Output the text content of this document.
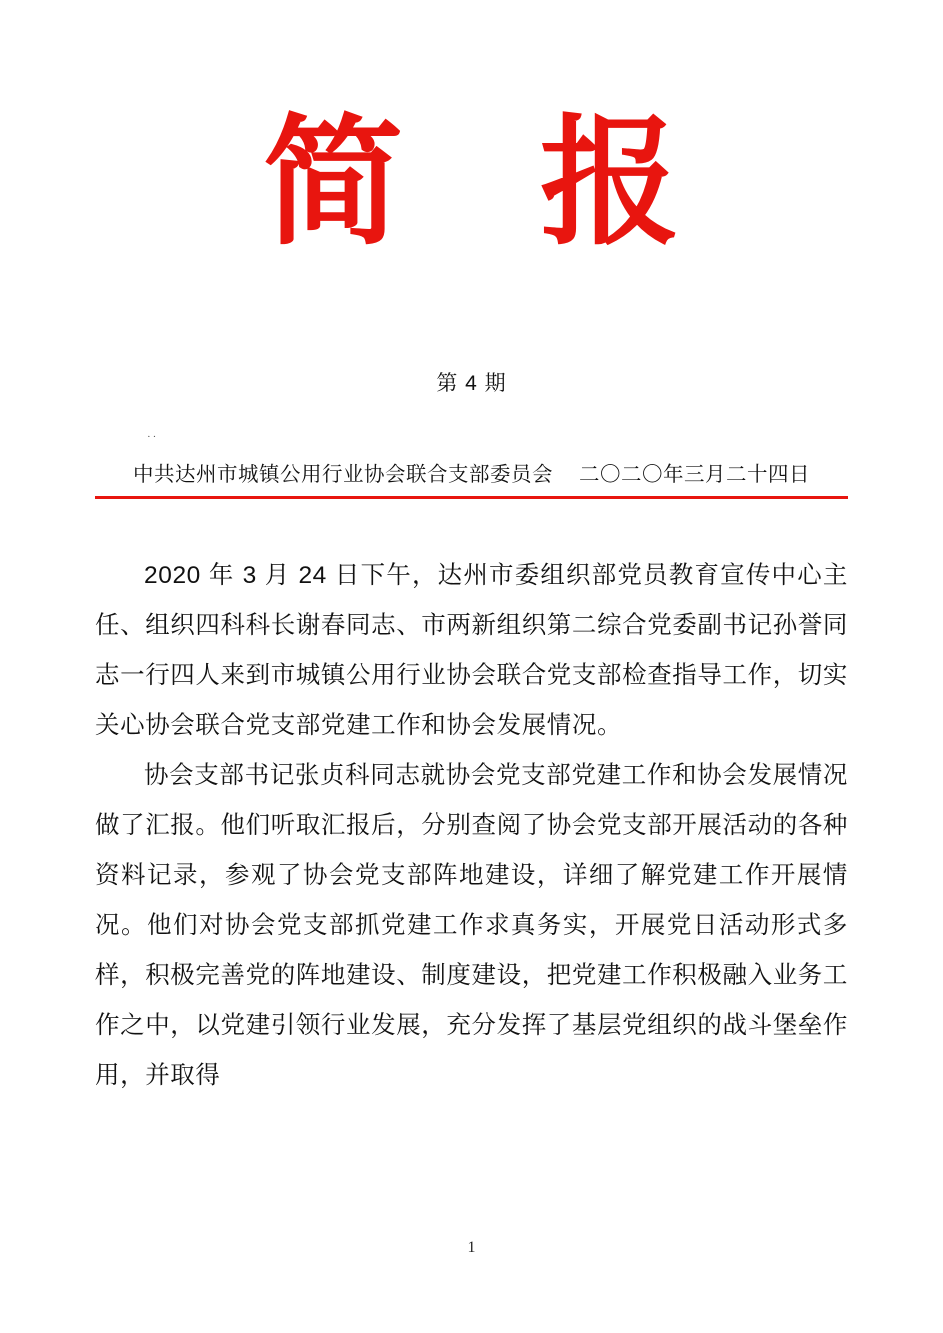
简 报
第 4 期
··
中共达州市城镇公用行业协会联合支部委员会 二〇二〇年三月二十四日

2020 年 3 月 24 日下午，达州市委组织部党员教育宣传中心主任、组织四科科长谢春同志、市两新组织第二综合党委副书记孙誉同志一行四人来到市城镇公用行业协会联合党支部检查指导工作，切实关心协会联合党支部党建工作和协会发展情况。

协会支部书记张贞科同志就协会党支部党建工作和协会发展情况做了汇报。他们听取汇报后，分别查阅了协会党支部开展活动的各种资料记录，参观了协会党支部阵地建设，详细了解党建工作开展情况。他们对协会党支部抓党建工作求真务实，开展党日活动形式多样，积极完善党的阵地建设、制度建设，把党建工作积极融入业务工作之中，以党建引领行业发展，充分发挥了基层党组织的战斗堡垒作用，并取得

1
